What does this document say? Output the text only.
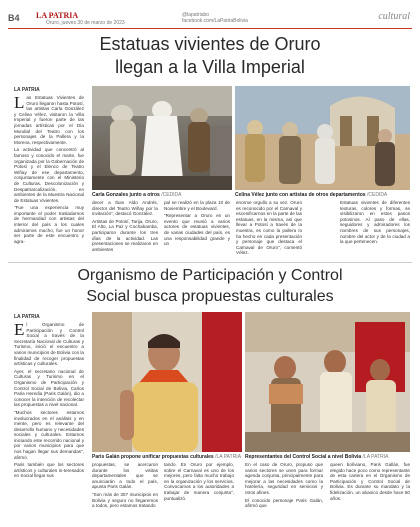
B4 LA PATRIA
Oruro, jueves 30 de marzo de 2023
@lapatriabo
facebook.com/LaPatriaBolivia	cultural
Estatuas vivientes de Oruro
llegan a la Villa Imperial
LA PATRIA
L as Estatuas Vivientes de Oruro llegaron hasta Potosí, las artistas Carla González y Celina Vélez, visitaron la Villa Imperial y fueron parte de las jornadas artísticas por el Día Mundial del Teatro con los personajes de la Pallera y la Morena, respectivamente.

La actividad que concentró al famoso y conocido el marte, fue organizada por la Gobernación de Potosí y el Elenco de Teatro Wiñay de ese departamento, conjuntamente con el Ministerio de Culturas, Descolonización y Despatriarcalización, en ambientes de la Muestra Nacional de Estatuas Vivientes.

"Fue una experiencia muy importante el poder trasladarnos de hermandad con artistas del interior del país a los cuales admiramos mucho, fue un honor ser parte de este encuentro y agra-

Carla Gonzales junto a otros /CEDIDA	Celina Vélez junto con artistas de otros departamentos /CEDIDA

decer a Iban Aldo Andrés, director del Teatro Wiñay por la invitación", destacó González.

Artistas de Potosí, Tarija, Oruro, El Alto, La Paz y Cochabamba, participaron durante los tres días de la actividad. Las presentaciones se realizaron en ambientes

pal se realizó en la plaza 10 de Noviembre y el Boulevard.

"Representar a Oruro en un evento que reunió a varios actores de estatuas vivientes, de varias ciudades del país, es una responsabilidad grande y un

enorme orgullo a su vez. Oruro es reconocido por el Carnaval y escenificarnos en la parte de las estatuas, en la misma, así que llevar a Potosí a través de la muestra, es como la pallera lo ha hecho en cada presentación y personaje que destaca el Carnaval de Oruro", comentó Vélez.

Estatuas vivientes de diferentes texturas, colores y formas, se visibilizaron en estos pasos potosinos. Al paso de ellas, seguidores y admiradores los nombres de sus personajes, nombre del actor y de la ciudad a la que pertenecen.

Organismo de Participación y Control
Social busca propuestas culturales
LA PATRIA
E l Organismo de Participación y Control Social a través de la Secretaría Nacional de Culturas y Turismo, inició el encuentro a varios municipios de Bolivia con la finalidad de recoger propuestas artísticas y culturales.

Ayer, el secretario nacional de Culturas y Turismo en el Organismo de Participación y Control Social de Bolivia, Carlos Paria Heredia (Paris Galán), dio a conocer la intención de recolectar las propuestas a nivel nacional.

"Muchos sectores estamos involucrados en el análisis y en mente, pero es relevante del desarrollo humano y necesidades sociales y culturales. Estamos iniciando este recorrido nacional y por varios municipios para que nos hagan llegar sus demandas", afirmó.

Paris también que los sectores artísticos y culturales in-teresados en Social llegar sus

Paris Galán propone unificar propuestas culturales /LA PATRIA Representantes del Control Social a nivel Bolivia /LA PATRIA

propuestas, se acercaron durante los visitas departamentales que se anunciarán a todo el país, apunta Paris Galán.

"Son más de 307 municipios en Bolivia y seguro no llegaremos a todos, pero estamos tratando

tando. En Oruro por ejemplo, sobre el Carnaval es uno de los mejores, pero falta mucho trabajo en la organización y los servicios. Convocamos a los autoridades a trabajar de manera conjunta", puntualizó.

En el caso de Oruro, propuso que varios sectores se unen para formar agenda conjunta, principalmente para mejorar a las necesidades como la hotelería, seguridad en servicios y otros afines.

El conocido personaje Paris Galán, afirmó que

queen bolíviano, Paris Gallán, fue elegido hace poco como representante de esta cartera en el Organismo de Participación y Control Social de Bolivia. Es durante su mandato y la fidelización, un abanico desde hace 50 años.
